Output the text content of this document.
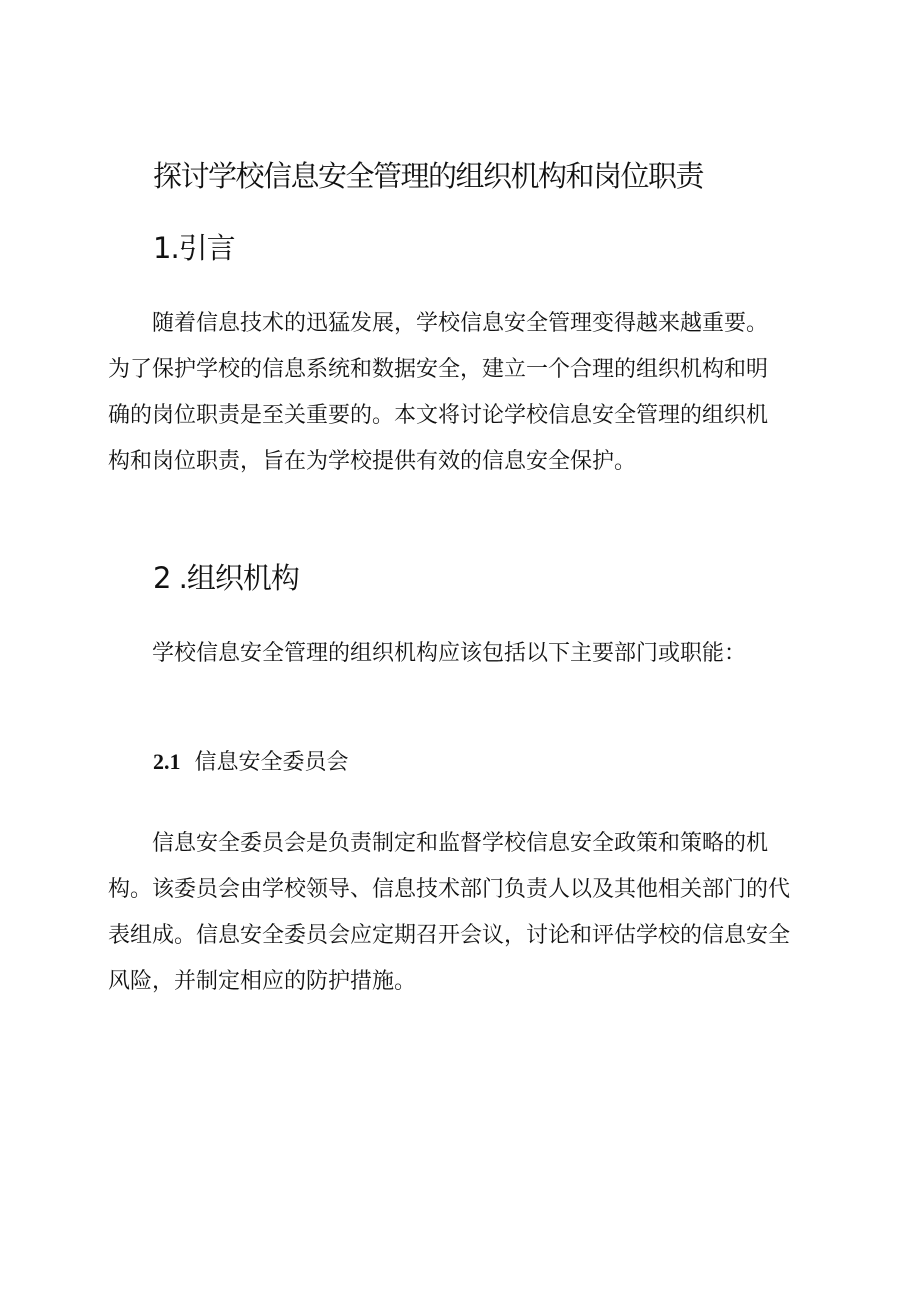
探讨学校信息安全管理的组织机构和岗位职责
1.引言

　　随着信息技术的迅猛发展，学校信息安全管理变得越来越重要。
为了保护学校的信息系统和数据安全，建立一个合理的组织机构和明
确的岗位职责是至关重要的。本文将讨论学校信息安全管理的组织机
构和岗位职责，旨在为学校提供有效的信息安全保护。

2 .组织机构

　　学校信息安全管理的组织机构应该包括以下主要部门或职能：

2.1 信息安全委员会

　　信息安全委员会是负责制定和监督学校信息安全政策和策略的机
构。该委员会由学校领导、信息技术部门负责人以及其他相关部门的代
表组成。信息安全委员会应定期召开会议，讨论和评估学校的信息安全
风险，并制定相应的防护措施。
